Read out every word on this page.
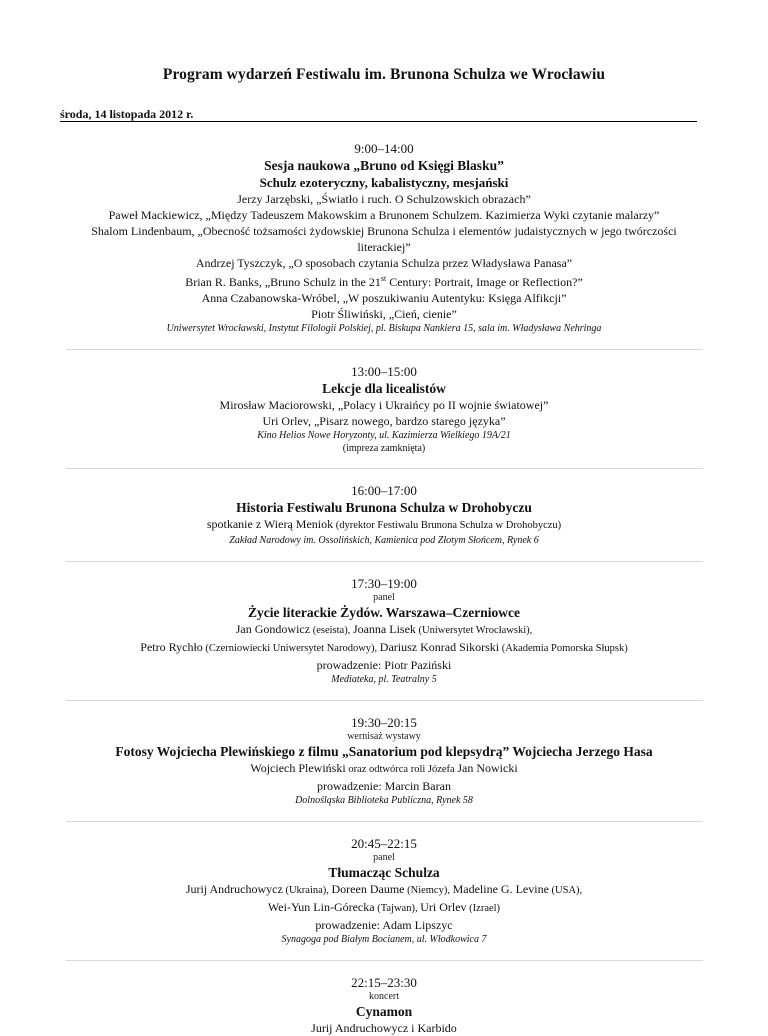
Program wydarzeń Festiwalu im. Brunona Schulza we Wrocławiu
środa, 14 listopada 2012 r.
9:00–14:00
Sesja naukowa „Bruno od Księgi Blasku”
Schulz ezoteryczny, kabalistyczny, mesjański
Jerzy Jarzębski, „Światło i ruch. O Schulzowskich obrazach”
Paweł Mackiewicz, „Między Tadeuszem Makowskim a Brunonem Schulzem. Kazimierza Wyki czytanie malarzy”
Shalom Lindenbaum, „Obecność tożsamości żydowskiej Brunona Schulza i elementów judaistycznych w jego twórczości
literackiej”
Andrzej Tyszczyk, „O sposobach czytania Schulza przez Władysława Panasa”
Brian R. Banks, „Bruno Schulz in the 21st Century: Portrait, Image or Reflection?”
Anna Czabanowska-Wróbel, „W poszukiwaniu Autentyku: Księga Alfikcji”
Piotr Śliwiński, „Cień, cienie”
Uniwersytet Wrocławski, Instytut Filologii Polskiej, pl. Biskupa Nankiera 15, sala im. Władysława Nehringa
13:00–15:00
Lekcje dla licealistów
Mirosław Maciorowski, „Polacy i Ukraińcy po II wojnie światowej”
Uri Orlev, „Pisarz nowego, bardzo starego języka”
Kino Helios Nowe Horyzonty, ul. Kazimierza Wielkiego 19A/21
(impreza zamknięta)
16:00–17:00
Historia Festiwalu Brunona Schulza w Drohobyczu
spotkanie z Wierą Meniok (dyrektor Festiwalu Brunona Schulza w Drohobyczu)
Zakład Narodowy im. Ossolińskich, Kamienica pod Złotym Słońcem, Rynek 6
17:30–19:00
panel
Życie literackie Żydów. Warszawa–Czerniowce
Jan Gondowicz (eseista), Joanna Lisek (Uniwersytet Wrocławski),
Petro Rychło (Czerniowiecki Uniwersytet Narodowy), Dariusz Konrad Sikorski (Akademia Pomorska Słupsk)
prowadzenie: Piotr Paziński
Mediateka, pl. Teatralny 5
19:30–20:15
wernisaż wystawy
Fotosy Wojciecha Plewińskiego z filmu „Sanatorium pod klepsydrą” Wojciecha Jerzego Hasa
Wojciech Plewiński oraz odtwórca roli Józefa Jan Nowicki
prowadzenie: Marcin Baran
Dolnośląska Biblioteka Publiczna, Rynek 58
20:45–22:15
panel
Tłumacząc Schulza
Jurij Andruchowycz (Ukraina), Doreen Daume (Niemcy), Madeline G. Levine (USA),
Wei-Yun Lin-Górecka (Tajwan), Uri Orlev (Izrael)
prowadzenie: Adam Lipszyc
Synagoga pod Białym Bocianem, ul. Włodkowica 7
22:15–23:30
koncert
Cynamon
Jurij Andruchowycz i Karbido
